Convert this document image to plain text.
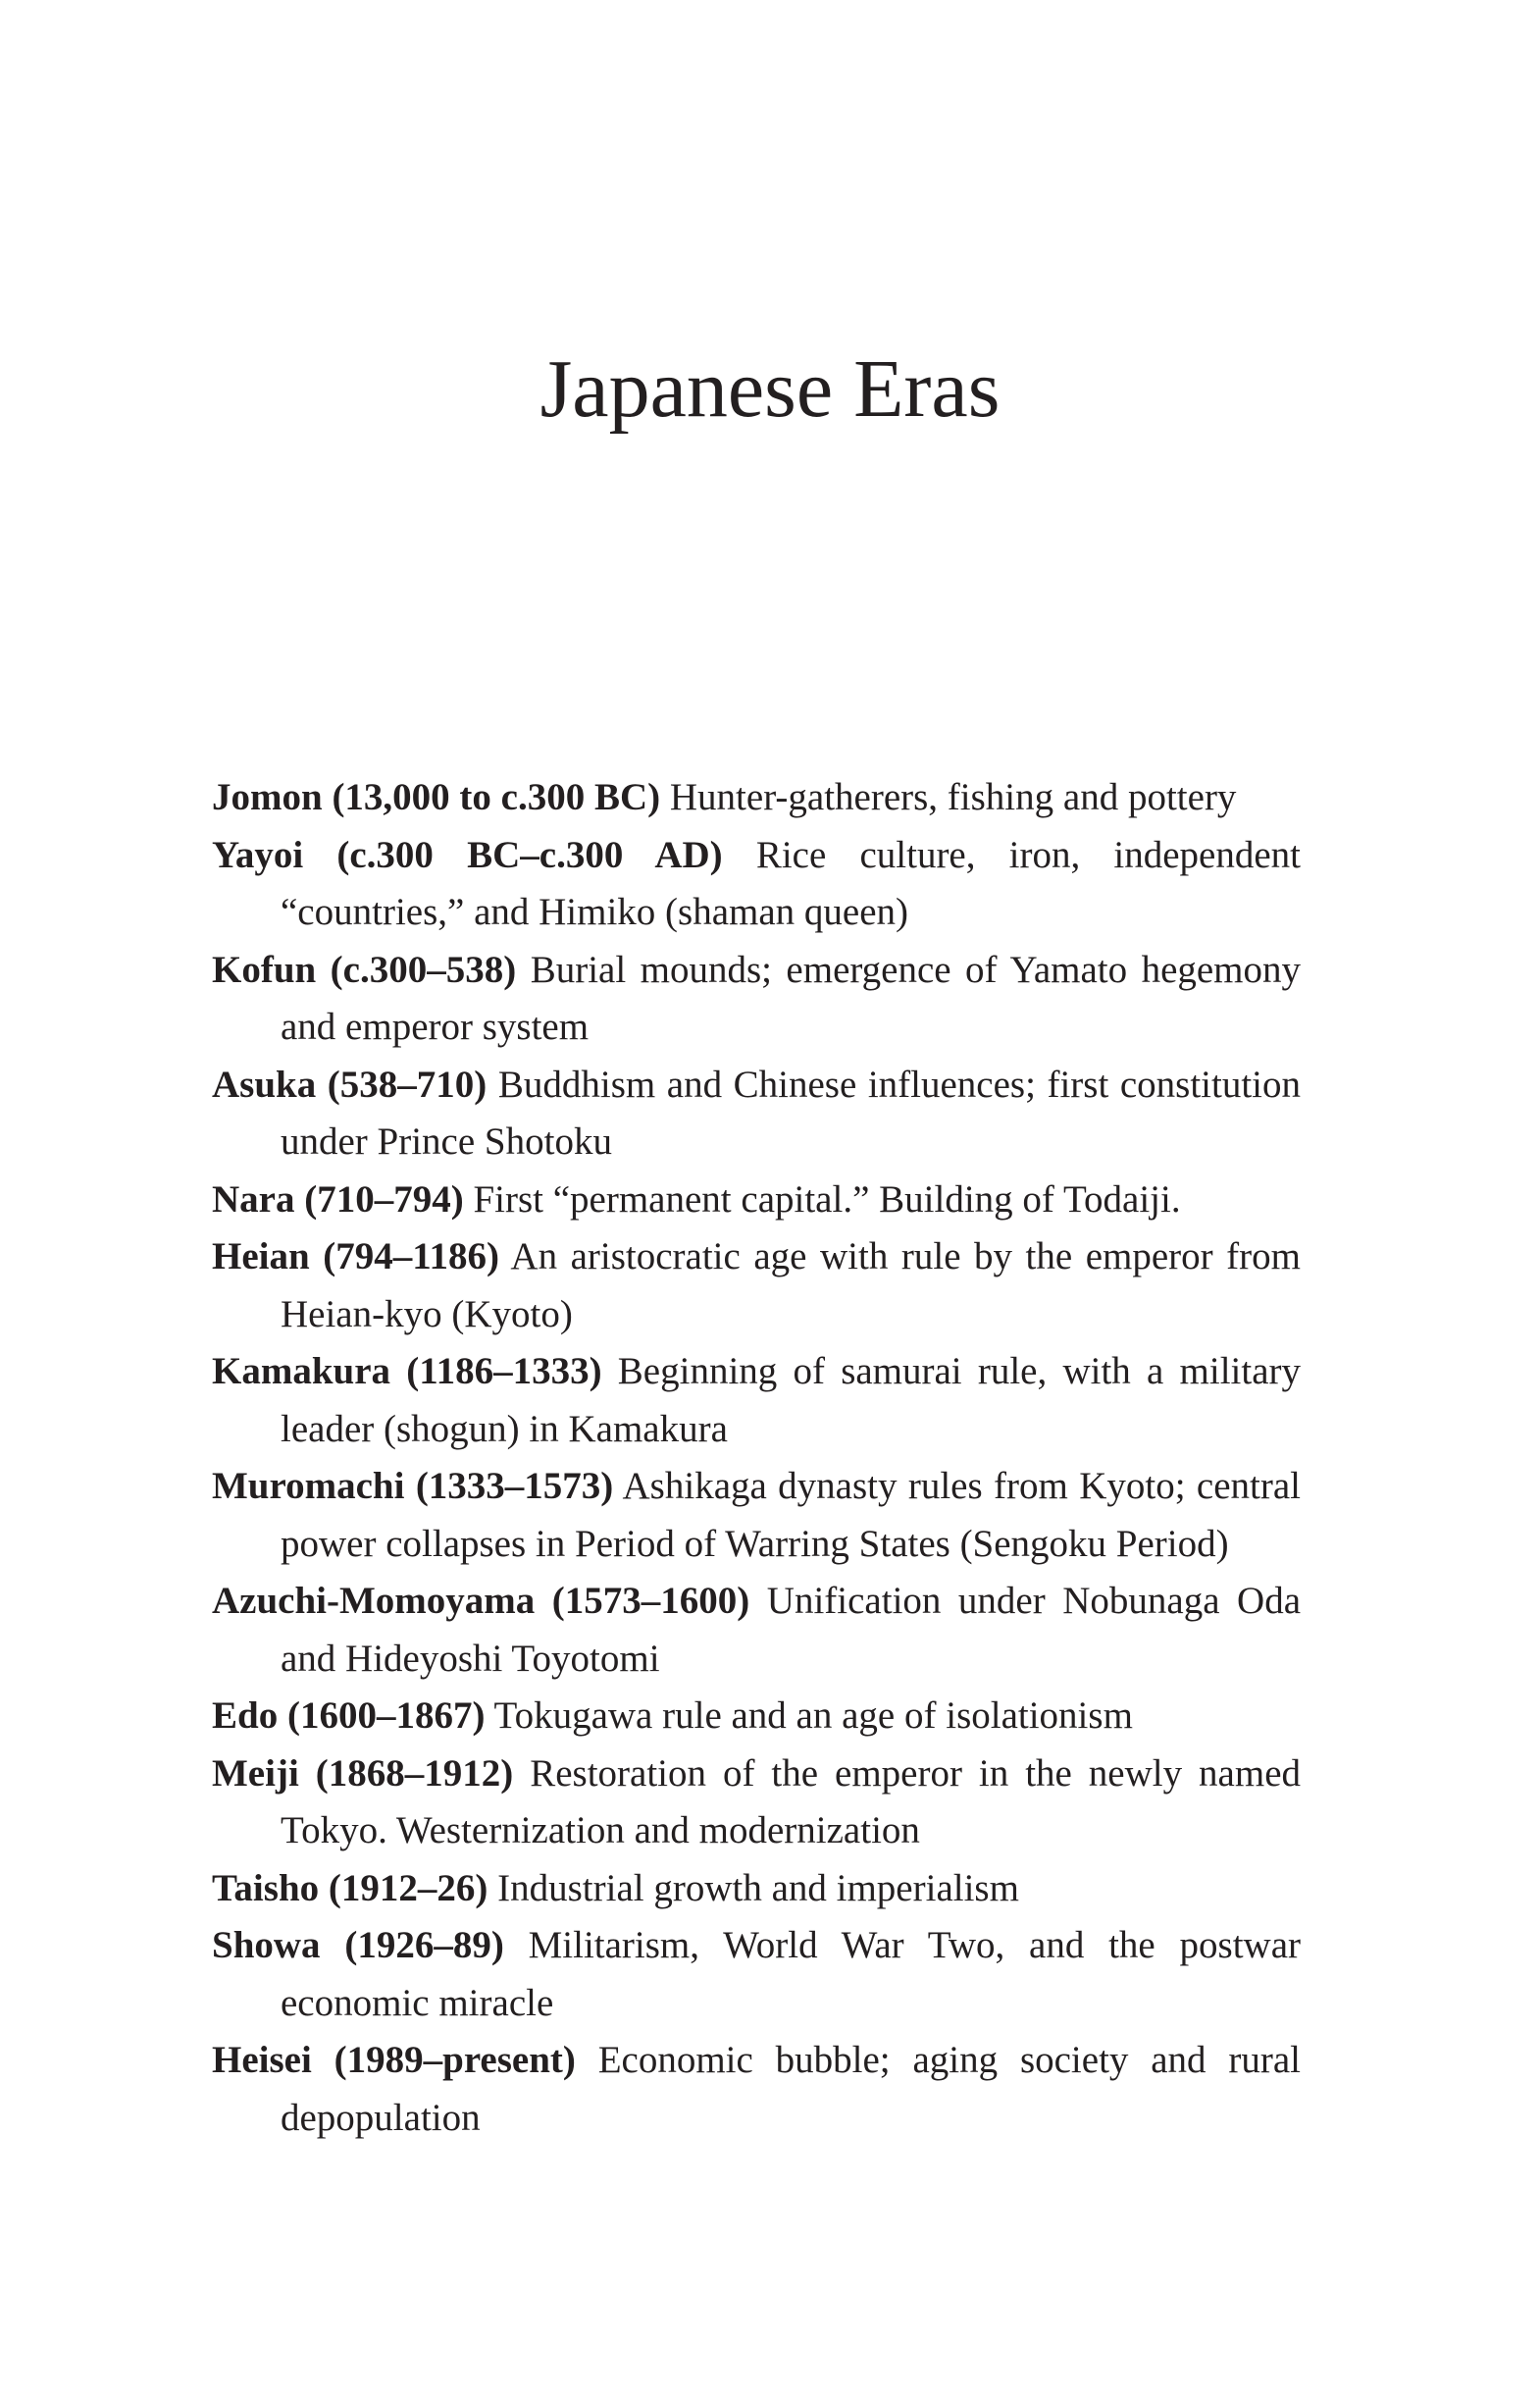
Japanese Eras
Jomon (13,000 to c.300 BC) Hunter-gatherers, fishing and pottery
Yayoi (c.300 BC–c.300 AD) Rice culture, iron, independent “countries,” and Himiko (shaman queen)
Kofun (c.300–538) Burial mounds; emergence of Yamato hegemony and emperor system
Asuka (538–710) Buddhism and Chinese influences; first constitution under Prince Shotoku
Nara (710–794) First “permanent capital.” Building of Todaiji.
Heian (794–1186) An aristocratic age with rule by the emperor from Heian-kyo (Kyoto)
Kamakura (1186–1333) Beginning of samurai rule, with a military leader (shogun) in Kamakura
Muromachi (1333–1573) Ashikaga dynasty rules from Kyoto; central power collapses in Period of Warring States (Sengoku Period)
Azuchi-Momoyama (1573–1600) Unification under Nobunaga Oda and Hideyoshi Toyotomi
Edo (1600–1867) Tokugawa rule and an age of isolationism
Meiji (1868–1912) Restoration of the emperor in the newly named Tokyo. Westernization and modernization
Taisho (1912–26) Industrial growth and imperialism
Showa (1926–89) Militarism, World War Two, and the postwar economic miracle
Heisei (1989–present) Economic bubble; aging society and rural depopulation
